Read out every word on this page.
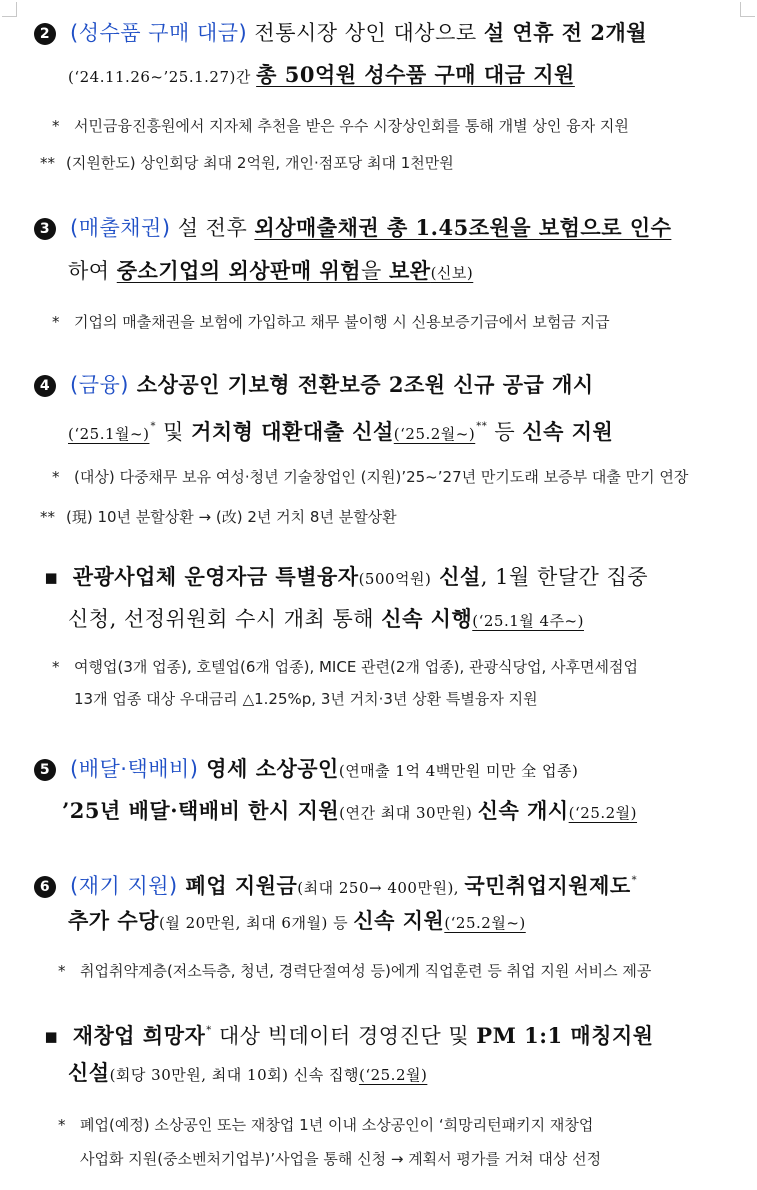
2 (성수품 구매 대금) 전통시장 상인 대상으로 설 연휴 전 2개월
(‘24.11.26~’25.1.27)간 총 50억원 성수품 구매 대금 지원
* 서민금융진흥원에서 지자체 추천을 받은 우수 시장상인회를 통해 개별 상인 융자 지원
** (지원한도) 상인회당 최대 2억원, 개인·점포당 최대 1천만원
3 (매출채권) 설 전후 외상매출채권 총 1.45조원을 보험으로 인수
하여 중소기업의 외상판매 위험을 보완(신보)
* 기업의 매출채권을 보험에 가입하고 채무 불이행 시 신용보증기금에서 보험금 지급
4 (금융) 소상공인 기보형 전환보증 2조원 신규 공급 개시
(‘25.1월~)* 및 거치형 대환대출 신설(‘25.2월~)** 등 신속 지원
* (대상) 다중채무 보유 여성·청년 기술창업인 (지원)’25~’27년 만기도래 보증부 대출 만기 연장
** (現) 10년 분할상환 → (改) 2년 거치 8년 분할상환
▪ 관광사업체 운영자금 특별융자(500억원) 신설, 1월 한달간 집중
신청, 선정위원회 수시 개최 통해 신속 시행(‘25.1월 4주~)
* 여행업(3개 업종), 호텔업(6개 업종), MICE 관련(2개 업종), 관광식당업, 사후면세점업
13개 업종 대상 우대금리 △1.25%p, 3년 거치·3년 상환 특별융자 지원
5 (배달·택배비) 영세 소상공인(연매출 1억 4백만원 미만 全 업종)
’25년 배달·택배비 한시 지원(연간 최대 30만원) 신속 개시(‘25.2월)
6 (재기 지원) 폐업 지원금(최대 250→ 400만원), 국민취업지원제도*
추가 수당(월 20만원, 최대 6개월) 등 신속 지원(‘25.2월~)
* 취업취약계층(저소득층, 청년, 경력단절여성 등)에게 직업훈련 등 취업 지원 서비스 제공
▪ 재창업 희망자* 대상 빅데이터 경영진단 및 PM 1:1 매칭지원
신설(회당 30만원, 최대 10회) 신속 집행(‘25.2월)
* 폐업(예정) 소상공인 또는 재창업 1년 이내 소상공인이 ‘희망리턴패키지 재창업
사업화 지원(중소벤처기업부)’사업을 통해 신청 → 계획서 평가를 거쳐 대상 선정
